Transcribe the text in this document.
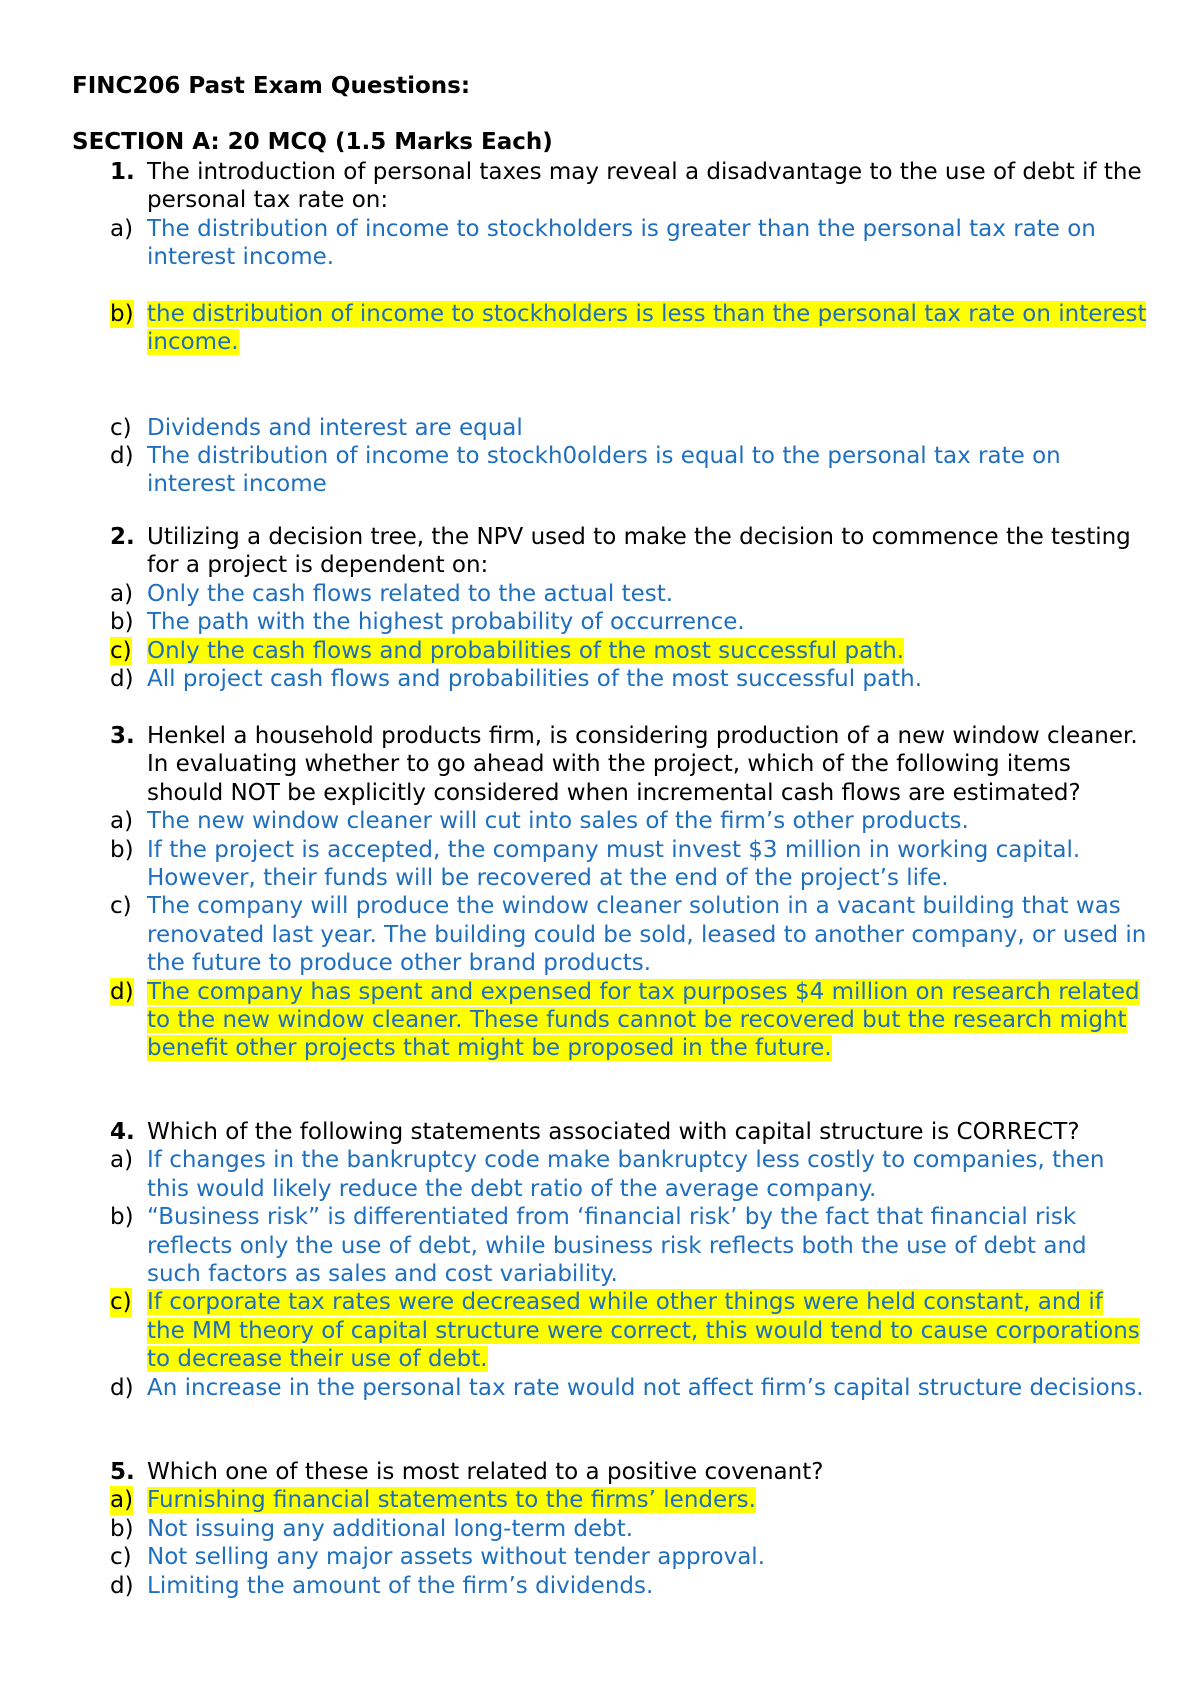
FINC206 Past Exam Questions:
SECTION A: 20 MCQ (1.5 Marks Each)
1. The introduction of personal taxes may reveal a disadvantage to the use of debt if the personal tax rate on:
a) The distribution of income to stockholders is greater than the personal tax rate on interest income.
b) the distribution of income to stockholders is less than the personal tax rate on interest income.
c) Dividends and interest are equal
d) The distribution of income to stockh0olders is equal to the personal tax rate on interest income
2. Utilizing a decision tree, the NPV used to make the decision to commence the testing for a project is dependent on:
a) Only the cash flows related to the actual test.
b) The path with the highest probability of occurrence.
c) Only the cash flows and probabilities of the most successful path.
d) All project cash flows and probabilities of the most successful path.
3. Henkel a household products firm, is considering production of a new window cleaner. In evaluating whether to go ahead with the project, which of the following items should NOT be explicitly considered when incremental cash flows are estimated?
a) The new window cleaner will cut into sales of the firm’s other products.
b) If the project is accepted, the company must invest $3 million in working capital. However, their funds will be recovered at the end of the project’s life.
c) The company will produce the window cleaner solution in a vacant building that was renovated last year. The building could be sold, leased to another company, or used in the future to produce other brand products.
d) The company has spent and expensed for tax purposes $4 million on research related to the new window cleaner. These funds cannot be recovered but the research might benefit other projects that might be proposed in the future.
4. Which of the following statements associated with capital structure is CORRECT?
a) If changes in the bankruptcy code make bankruptcy less costly to companies, then this would likely reduce the debt ratio of the average company.
b) “Business risk” is differentiated from ‘financial risk’ by the fact that financial risk reflects only the use of debt, while business risk reflects both the use of debt and such factors as sales and cost variability.
c) If corporate tax rates were decreased while other things were held constant, and if the MM theory of capital structure were correct, this would tend to cause corporations to decrease their use of debt.
d) An increase in the personal tax rate would not affect firm’s capital structure decisions.
5. Which one of these is most related to a positive covenant?
a) Furnishing financial statements to the firms’ lenders.
b) Not issuing any additional long-term debt.
c) Not selling any major assets without tender approval.
d) Limiting the amount of the firm’s dividends.
